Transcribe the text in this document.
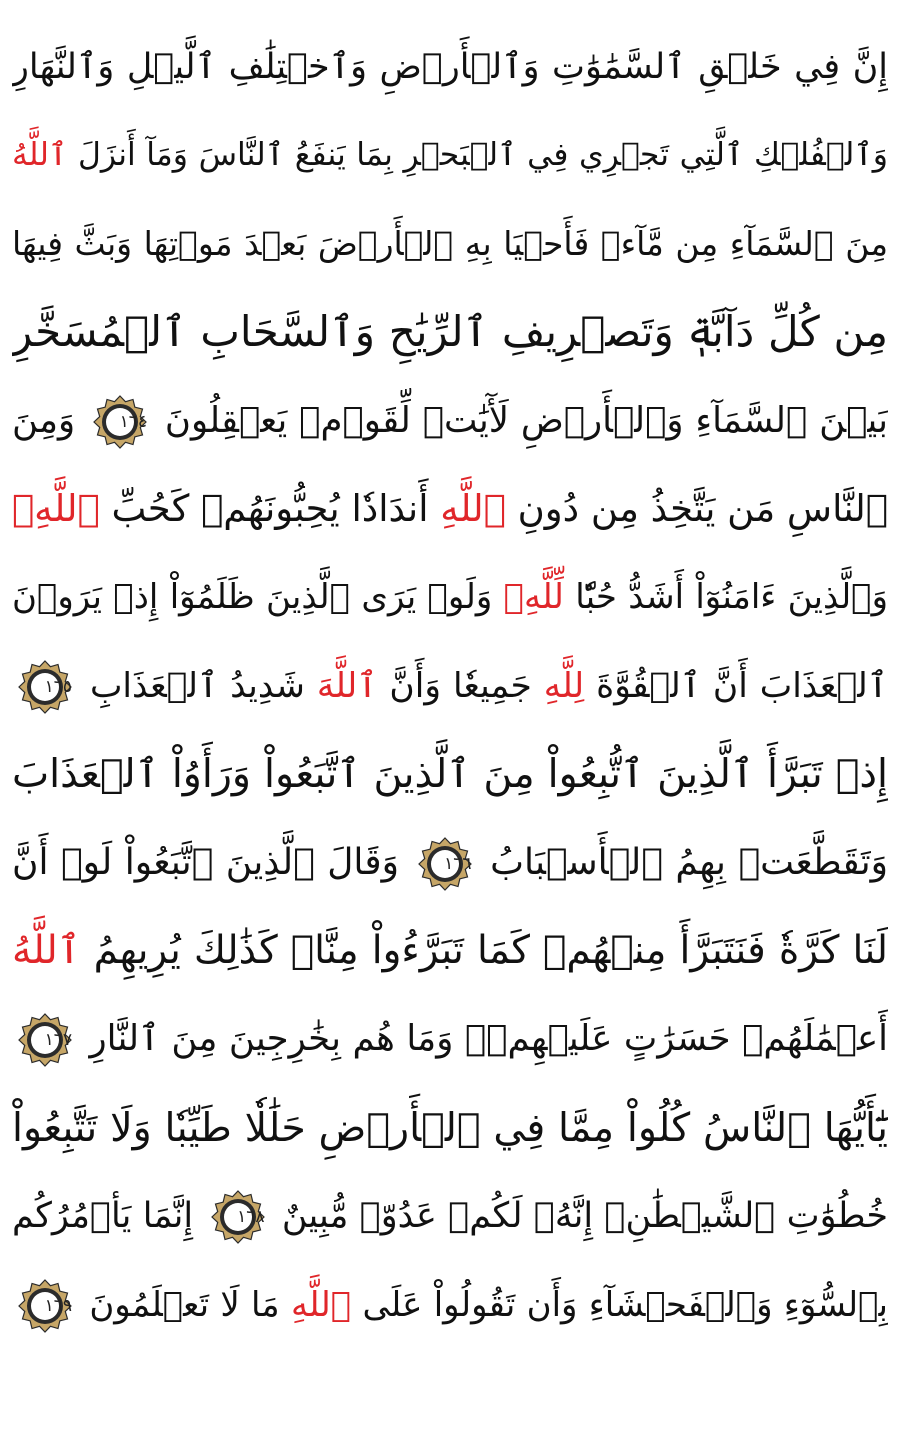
إِنَّ فِي خَلۡقِ ٱلسَّمَٰوَٰتِ وَٱلۡأَرۡضِ وَٱخۡتِلَٰفِ ٱلَّيۡلِ وَٱلنَّهَارِ
وَٱلۡفُلۡكِ ٱلَّتِي تَجۡرِي فِي ٱلۡبَحۡرِ بِمَا يَنفَعُ ٱلنَّاسَ وَمَآ أَنزَلَ ٱللَّهُ
مِنَ ٱلسَّمَآءِ مِن مَّآءٖ فَأَحۡيَا بِهِ ٱلۡأَرۡضَ بَعۡدَ مَوۡتِهَا وَبَثَّ فِيهَا
مِن كُلِّ دَآبَّةٖ وَتَصۡرِيفِ ٱلرِّيَٰحِ وَٱلسَّحَابِ ٱلۡمُسَخَّرِ
بَيۡنَ ٱلسَّمَآءِ وَٱلۡأَرۡضِ لَأٓيَٰتٖ لِّقَوۡمٖ يَعۡقِلُونَ
١٦٤
وَمِنَ
ٱلنَّاسِ مَن يَتَّخِذُ مِن دُونِ ٱللَّهِ أَندَادٗا يُحِبُّونَهُمۡ كَحُبِّ ٱللَّهِۖ
وَٱلَّذِينَ ءَامَنُوٓاْ أَشَدُّ حُبّٗا لِّلَّهِۗ وَلَوۡ يَرَى ٱلَّذِينَ ظَلَمُوٓاْ إِذۡ يَرَوۡنَ
ٱلۡعَذَابَ أَنَّ ٱلۡقُوَّةَ لِلَّهِ جَمِيعٗا وَأَنَّ ٱللَّهَ شَدِيدُ ٱلۡعَذَابِ
١٦٥
إِذۡ تَبَرَّأَ ٱلَّذِينَ ٱتُّبِعُواْ مِنَ ٱلَّذِينَ ٱتَّبَعُواْ وَرَأَوُاْ ٱلۡعَذَابَ
وَتَقَطَّعَتۡ بِهِمُ ٱلۡأَسۡبَابُ
١٦٦
وَقَالَ ٱلَّذِينَ ٱتَّبَعُواْ لَوۡ أَنَّ
لَنَا كَرَّةٗ فَنَتَبَرَّأَ مِنۡهُمۡ كَمَا تَبَرَّءُواْ مِنَّاۗ كَذَٰلِكَ يُرِيهِمُ ٱللَّهُ
أَعۡمَٰلَهُمۡ حَسَرَٰتٍ عَلَيۡهِمۡۖ وَمَا هُم بِخَٰرِجِينَ مِنَ ٱلنَّارِ
١٦٧
يَٰٓأَيُّهَا ٱلنَّاسُ كُلُواْ مِمَّا فِي ٱلۡأَرۡضِ حَلَٰلٗا طَيِّبٗا وَلَا تَتَّبِعُواْ
خُطُوَٰتِ ٱلشَّيۡطَٰنِۚ إِنَّهُۥ لَكُمۡ عَدُوّٞ مُّبِينٌ
١٦٨
إِنَّمَا يَأۡمُرُكُم
بِٱلسُّوٓءِ وَٱلۡفَحۡشَآءِ وَأَن تَقُولُواْ عَلَى ٱللَّهِ مَا لَا تَعۡلَمُونَ
١٦٩
